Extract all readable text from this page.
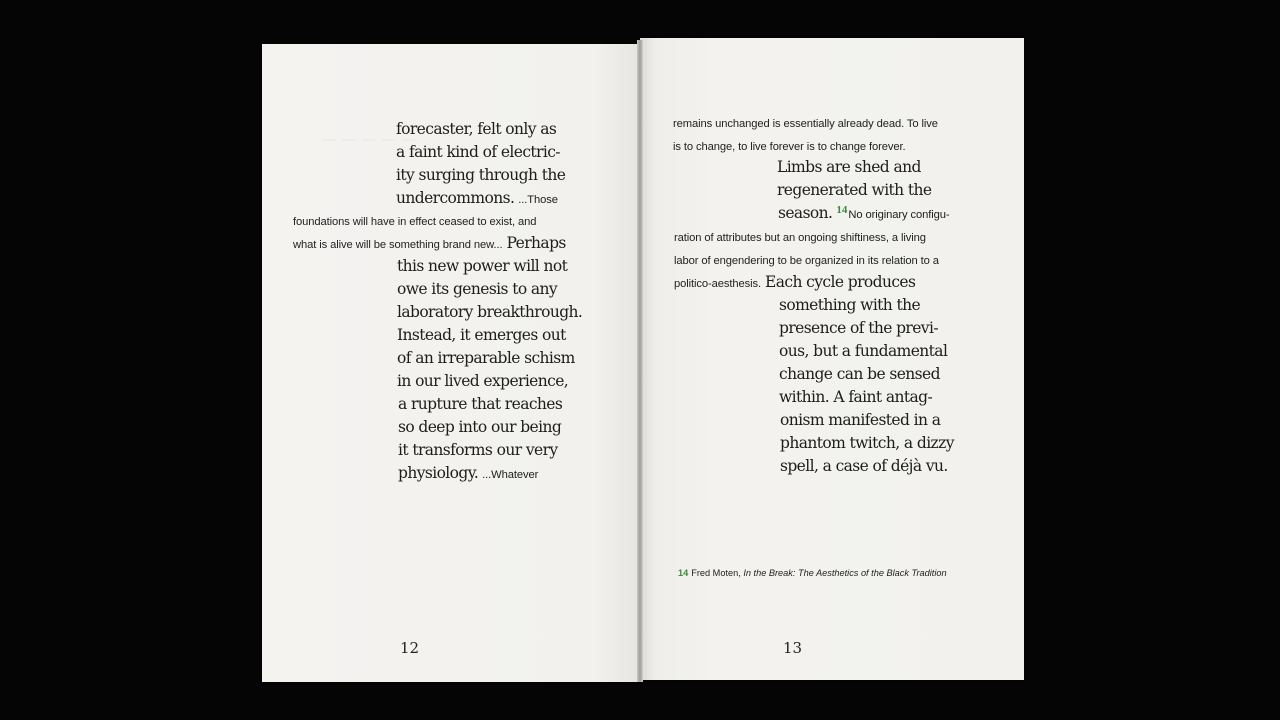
— — — — —
forecaster, felt only as
a faint kind of electric-
ity surging through the
undercommons. ...Those
foundations will have in effect ceased to exist, and
what is alive will be something brand new... Perhaps
this new power will not
owe its genesis to any
laboratory breakthrough.
Instead, it emerges out
of an irreparable schism
in our lived experience,
a rupture that reaches
so deep into our being
it transforms our very
physiology. ...Whatever
12
remains unchanged is essentially already dead. To live
is to change, to live forever is to change forever.
Limbs are shed and
regenerated with the
season. $^{14}$No originary configu-
ration of attributes but an ongoing shiftiness, a living
labor of engendering to be organized in its relation to a
politico-aesthesis. Each cycle produces
something with the
presence of the previ-
ous, but a fundamental
change can be sensed
within. A faint antag-
onism manifested in a
phantom twitch, a dizzy
spell, a case of déjà vu.
14 Fred Moten, In the Break: The Aesthetics of the Black Tradition
13
